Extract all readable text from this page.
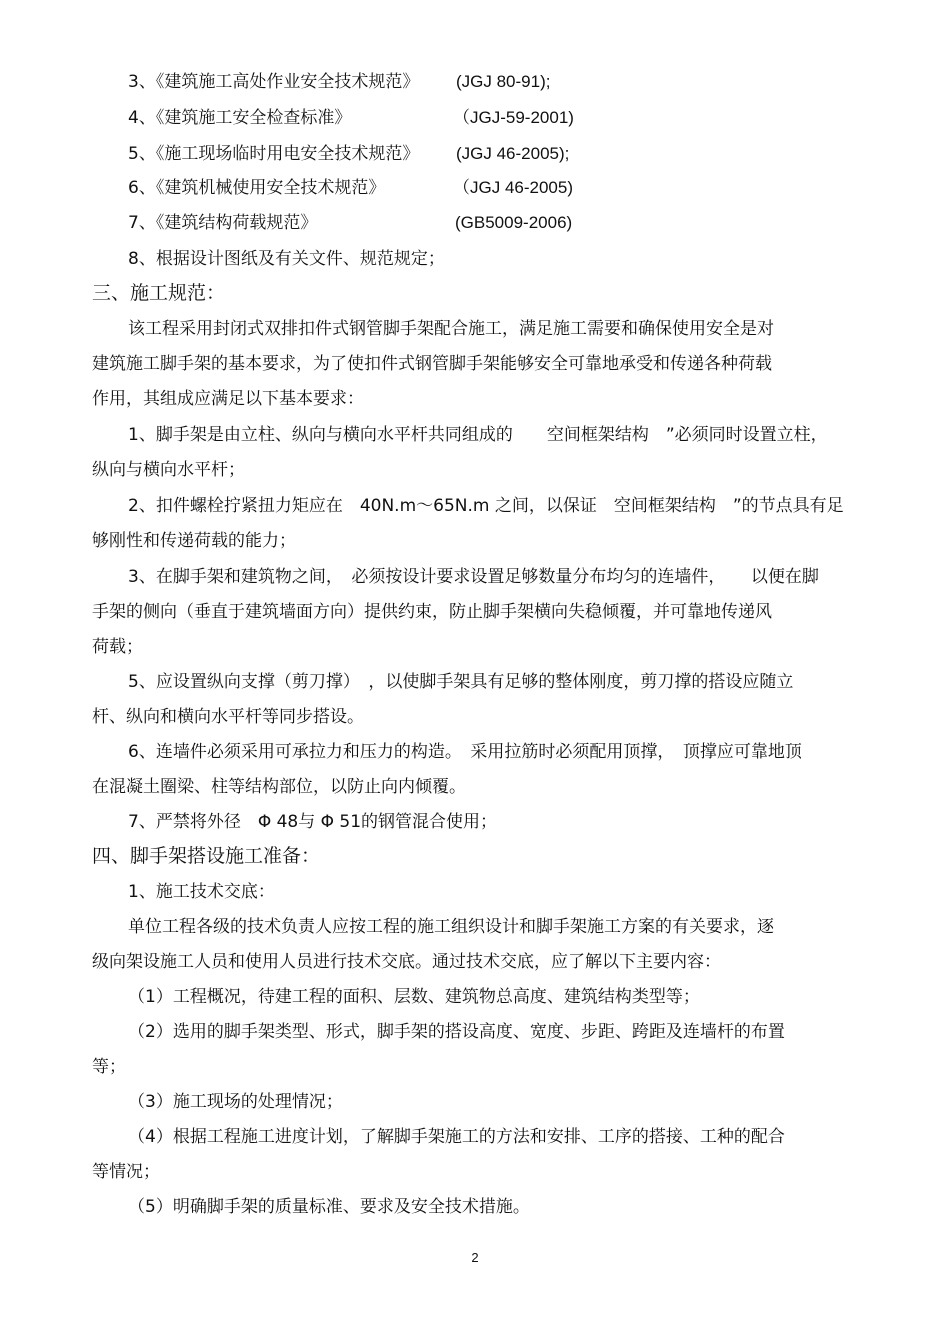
3、《建筑施工高处作业安全技术规范》 (JGJ 80-91);
4、《建筑施工安全检查标准》	（JGJ-59-2001)
5、《施工现场临时用电安全技术规范》 (JGJ 46-2005);
6、《建筑机械使用安全技术规范》	（JGJ 46-2005)
7、《建筑结构荷载规范》	(GB5009-2006)
8、根据设计图纸及有关文件、规范规定；
三、施工规范：
该工程采用封闭式双排扣件式钢管脚手架配合施工，满足施工需要和确保使用安全是对
建筑施工脚手架的基本要求，为了使扣件式钢管脚手架能够安全可靠地承受和传递各种荷载
作用，其组成应满足以下基本要求：
1、脚手架是由立柱、纵向与横向水平杆共同组成的　　空间框架结构　”必须同时设置立柱，
纵向与横向水平杆；
2、扣件螺栓拧紧扭力矩应在　40N.m～65N.m 之间，以保证　空间框架结构　”的节点具有足
够刚性和传递荷载的能力；
3、在脚手架和建筑物之间，　必须按设计要求设置足够数量分布均匀的连墙件，　　以便在脚
手架的侧向（垂直于建筑墙面方向）提供约束，防止脚手架横向失稳倾覆，并可靠地传递风
荷载；
5、应设置纵向支撑（剪刀撑）　，以使脚手架具有足够的整体刚度，剪刀撑的搭设应随立
杆、纵向和横向水平杆等同步搭设。
6、连墙件必须采用可承拉力和压力的构造。　采用拉筋时必须配用顶撑，　顶撑应可靠地顶
在混凝土圈梁、柱等结构部位，以防止向内倾覆。
7、严禁将外径　Φ 48与 Φ 51的钢管混合使用；
四、脚手架搭设施工准备：
1、施工技术交底：
单位工程各级的技术负责人应按工程的施工组织设计和脚手架施工方案的有关要求，逐
级向架设施工人员和使用人员进行技术交底。通过技术交底，应了解以下主要内容：
（1）工程概况，待建工程的面积、层数、建筑物总高度、建筑结构类型等；
（2）选用的脚手架类型、形式，脚手架的搭设高度、宽度、步距、跨距及连墙杆的布置
等；
（3）施工现场的处理情况；
（4）根据工程施工进度计划，了解脚手架施工的方法和安排、工序的搭接、工种的配合
等情况；
（5）明确脚手架的质量标准、要求及安全技术措施。
2
